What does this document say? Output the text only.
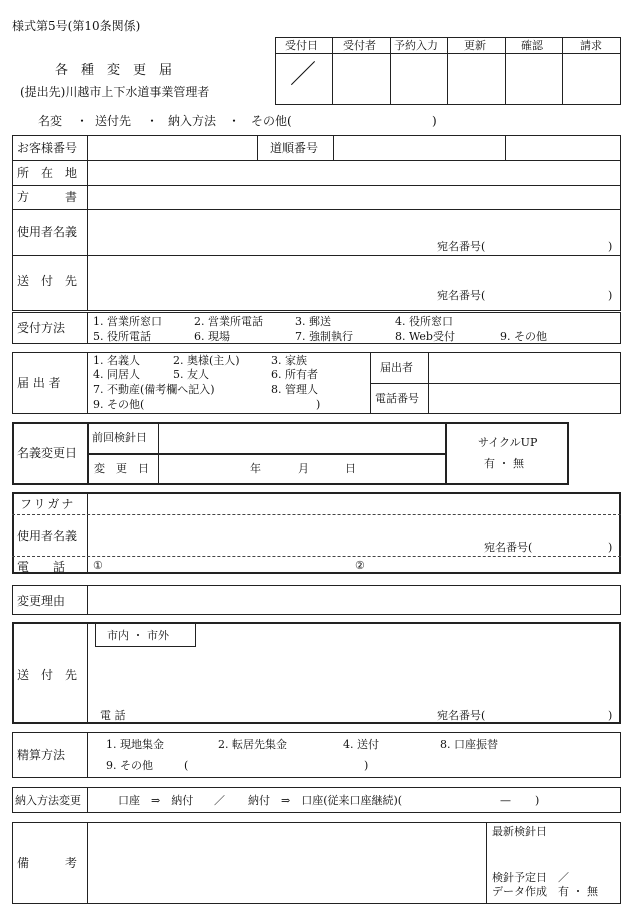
様式第5号(第10条関係)
各　種　変　更　届
(提出先)川越市上下水道事業管理者
受付日 受付者 予約入力 更新	確認	請求
／
名変 ・ 送付先 ・ 納入方法 ・ その他(	)
お客様番号	道順番号
所　在　地
方　　　書
使用者名義
宛名番号(	)
送　付　先
宛名番号(	)
受付方法	1. 営業所窓口	2. 営業所電話	3. 郵送	4. 役所窓口
5. 役所電話	6. 現場	7. 強制執行	8. Web受付	9. その他
届 出 者
1. 名義人	2. 奥様(主人)	3. 家族
4. 同居人	5. 友人	6. 所有者
7. 不動産(備考欄へ記入)	8. 管理人
9. その他(	)
届出者
電話番号
名義変更日
前回検針日
変　更　日	年	月	日
サイクルUP
有 ・ 無
フリガナ
使用者名義
宛名番号(	)
電　　話	①	②
変更理由
市内 ・ 市外
送　付　先
電 話	宛名番号(	)
精算方法
1. 現地集金	2. 転居先集金	4. 送付	8. 口座振替
9. その他	(	)
納入方法変更	口座　⇒　納付 ／ 納付　⇒　口座(従来口座継続)(	— )
備　　　考
最新検針日
検針予定日　／
データ作成　有 ・ 無
